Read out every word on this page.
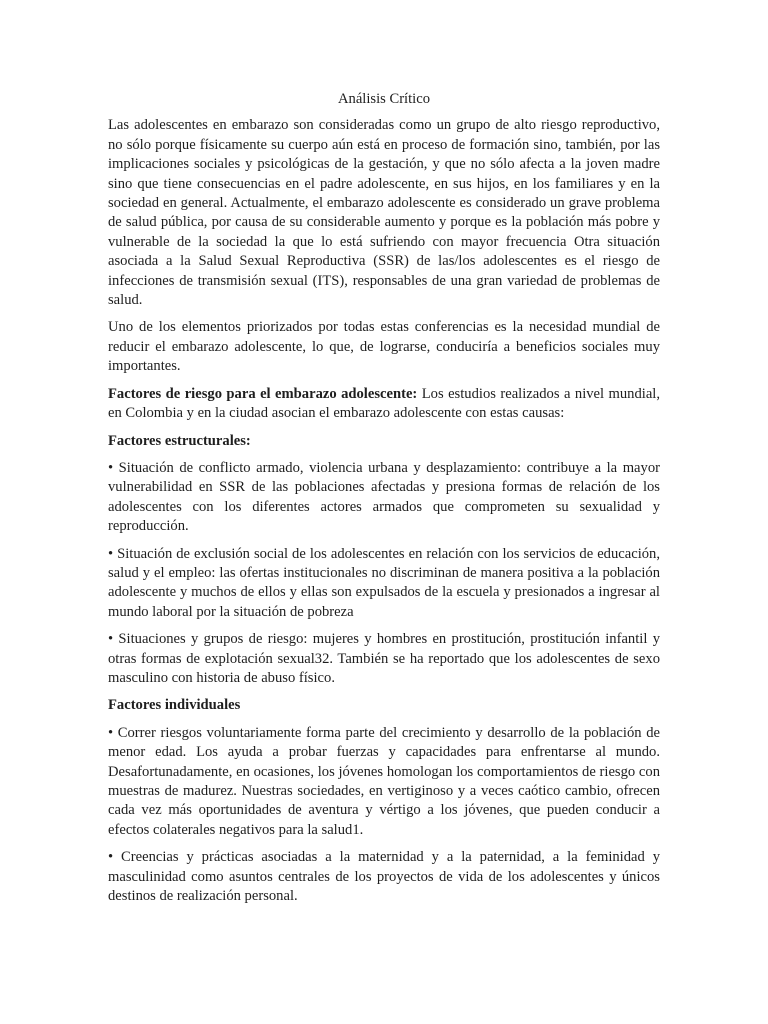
Análisis Crítico

Las adolescentes en embarazo son consideradas como un grupo de alto riesgo reproductivo, no sólo porque físicamente su cuerpo aún está en proceso de formación sino, también, por las implicaciones sociales y psicológicas de la gestación, y que no sólo afecta a la joven madre sino que tiene consecuencias en el padre adolescente, en sus hijos, en los familiares y en la sociedad en general. Actualmente, el embarazo adolescente es considerado un grave problema de salud pública, por causa de su considerable aumento y porque es la población más pobre y vulnerable de la sociedad la que lo está sufriendo con mayor frecuencia Otra situación asociada a la Salud Sexual Reproductiva (SSR) de las/los adolescentes es el riesgo de infecciones de transmisión sexual (ITS), responsables de una gran variedad de problemas de salud.

Uno de los elementos priorizados por todas estas conferencias es la necesidad mundial de reducir el embarazo adolescente, lo que, de lograrse, conduciría a beneficios sociales muy importantes.

Factores de riesgo para el embarazo adolescente: Los estudios realizados a nivel mundial, en Colombia y en la ciudad asocian el embarazo adolescente con estas causas:

Factores estructurales:

• Situación de conflicto armado, violencia urbana y desplazamiento: contribuye a la mayor vulnerabilidad en SSR de las poblaciones afectadas y presiona formas de relación de los adolescentes con los diferentes actores armados que comprometen su sexualidad y reproducción.

• Situación de exclusión social de los adolescentes en relación con los servicios de educación, salud y el empleo: las ofertas institucionales no discriminan de manera positiva a la población adolescente y muchos de ellos y ellas son expulsados de la escuela y presionados a ingresar al mundo laboral por la situación de pobreza

• Situaciones y grupos de riesgo: mujeres y hombres en prostitución, prostitución infantil y otras formas de explotación sexual32. También se ha reportado que los adolescentes de sexo masculino con historia de abuso físico.

Factores individuales

• Correr riesgos voluntariamente forma parte del crecimiento y desarrollo de la población de menor edad. Los ayuda a probar fuerzas y capacidades para enfrentarse al mundo. Desafortunadamente, en ocasiones, los jóvenes homologan los comportamientos de riesgo con muestras de madurez. Nuestras sociedades, en vertiginoso y a veces caótico cambio, ofrecen cada vez más oportunidades de aventura y vértigo a los jóvenes, que pueden conducir a efectos colaterales negativos para la salud1.

• Creencias y prácticas asociadas a la maternidad y a la paternidad, a la feminidad y masculinidad como asuntos centrales de los proyectos de vida de los adolescentes y únicos destinos de realización personal.
